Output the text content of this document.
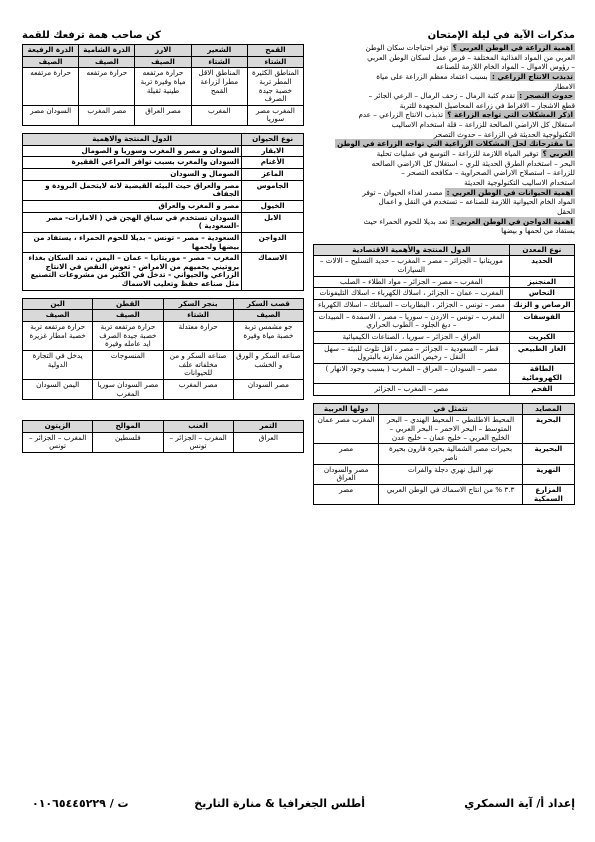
مذكرات الآية في ليلة الإمتحان
كن صاحب همة ترفعك للقمة

اهمية الزراعة في الوطن العربي ؟ توفر احتياجات سكان الوطن

العربي من المواد الغذائية المختلفة – فرص عمل لسكان الوطن العربي

– رؤوس الاموال – المواد الخام اللازمة للصناعه

تذبذب الانتاج الزراعي : بسبب اعتماد معظم الزراعة على مياة

الامطار

حدوث التصحر : تقدم كثبة الرمال – زحف الرمال – الرعي الجائر –

قطع الاشجار – الافراط في زراعه المحاصيل المجهدة للتربة

اذكر المشكلات التي تواجه الزراعة ؟ تذبذب الانتاج الزراعي – عدم

استغلال كل الاراضي الصالحة للزراعة – قلة استخدام الاساليب

التكنولوجية الحديثة في الزراعة – حدوث التصحر

ما مقترحاتك لحل المشكلات الزراعية التي تواجه الزراعة في الوطن

العربي ؟ توفير المياة اللازمة للزراعة – التوسع في عمليات تحلية

البحر – استخدام الطرق الحديثة للري – استغلال كل الاراضي الصالحه

للزراعة – استصلاح الاراضي الصحراوية – مكافحه التصحر –

استخدام الاساليب التكنولوجية الحديثة

اهمية الحيوانات في الوطن العربي : مصدر لغذاء الحيوان – توفر

المواد الخام الحيوانية اللازمة للصناعه – تستخدم في النقل و اعمال

الحقل

اهمية الدواجن في الوطن العربي : تعد بديلا للحوم الحمراء حيث

يستفاد من لحمها و بيضها

نوع المعدن	الدول المنتجة والأهمية الاقتصادية
الحديد	موريتانيا – الجزائر – مصر – المغرب – حديد التسليح – الالات – السيارات
المنجنيز	المغرب – مصر – الجزائر – مواد الطلاء – الصلب
النحاس	المغرب – عمان – الجزائر ، اسلاك الكهرباء – اسلاك التليفونات
الرصاص و الزنك	مصر – تونس – الجزائر ، البطاريات – السبائك – اسلاك الكهرباء
الفوسفات	المغرب – تونس – الاردن – سوريا – مصر ، الاسمدة – المبيدات – دبغ الجلود – الطوب الحراري
الكبريت	العراق – الجزائر – سوريا ، الصناعات الكيميائية
الغاز الطبيعي	قطر – السعودية – الجزائر – مصر ، اقل تلوث للبيئة – سهل النقل – رخيص الثمن مقارنه بالبترول
الطاقة الكهرومائية	مصر – السودان – العراق – المغرب ( بسبب وجود الانهار )
الفحم	مصر – المغرب – الجزائر
المصايد	تتمثل في	دولها العربية
البحرية	المحيط الاطلنطي – المحيط الهندي – البحر المتوسط – البحر الاحمر – البحر العربي – الخليج العربي – خليج عمان – خليج عدن	المغرب مصر عمان
البحيرية	بحيرات مصر الشمالية بحيرة قارون بحيرة ناصر	مصر
النهرية	نهر النيل نهري دجلة والفرات	مصر والسودان العراق
المزارع السمكية	٣.٣ % من انتاج الاسماك في الوطن العربي	مصر
القمح	الشعير	الارز	الذرة الشامية	الذرة الرفيعة
الشتاء	الشتاء	الصيف	الصيف	الصيف
المناطق الكثيرة المطر تربة خصبة جيدة الصرف	المناطق الاقل مطرا لزراعة القمح	حرارة مرتفعه مياة وفيرة تربة طينية ثقيلة	حرارة مرتفعه	حرارة مرتفعه
المغرب مصر سوريا	المغرب	مصر العراق	مصر المغرب	السودان مصر
نوع الحيوان	الدول المنتجة والاهمية
الابقار	السودان و مصر و المغرب وسوريا و الصومال
الأغنام	السودان والمغرب بسبب توافر المراعي الفقيرة
الماعز	الصومال و السودان
الجاموس	مصر والعراق حيث البيئه القيضية لانه لايتحمل البرودة و الجفاف
الخيول	مصر و المغرب والعراق
الابل	السودان تستخدم في سباق الهجن في ( الامارات- مصر -السعودية )
الدواجن	السعودية – مصر – تونس – بديلا للحوم الحمراء ، يستفاد من بيضها ولحمها
الاسماك	المغرب – مصر – موريتانيا – عمان – اليمن ، تمد السكان بغذاء بروتيني يحميهم من الامراض - تعوض النقص في الانتاج الزراعي والحيواني - تدخل في الكثير من مشروعات التصنيع مثل صناعه حفظ وتعليب الاسماك
قصب السكر	بنجر السكر	القطن	البن
الصيف	الشتاء	الصيف	الصيف
جو مشمس تربة خصبة مياة وفيرة	حرارة معتدلة	حرارة مرتفعه تربة خصبة جيدة الصرف ايد عامله وفيرة	حرارة مرتفعه تربة خصبة امطار غزيرة
صناعه السكر و الورق و الخشب	صناعه السكر و من مخلفاته علف للحيوانات	المنسوجات	يدخل في التجارة الدولية
مصر السودان	مصر المغرب	مصر السودان سوريا المغرب	اليمن السودان
التمر	العنب	الموالح	الزيتون
العراق	المغرب – الجزائر – تونس	فلسطين	المغرب – الجزائر – تونس
إعداد أ/ آية السمكري
أطلس الجغرافيا & منارة التاريخ
ت / ٠١٠٦٥٤٤٥٢٢٩
